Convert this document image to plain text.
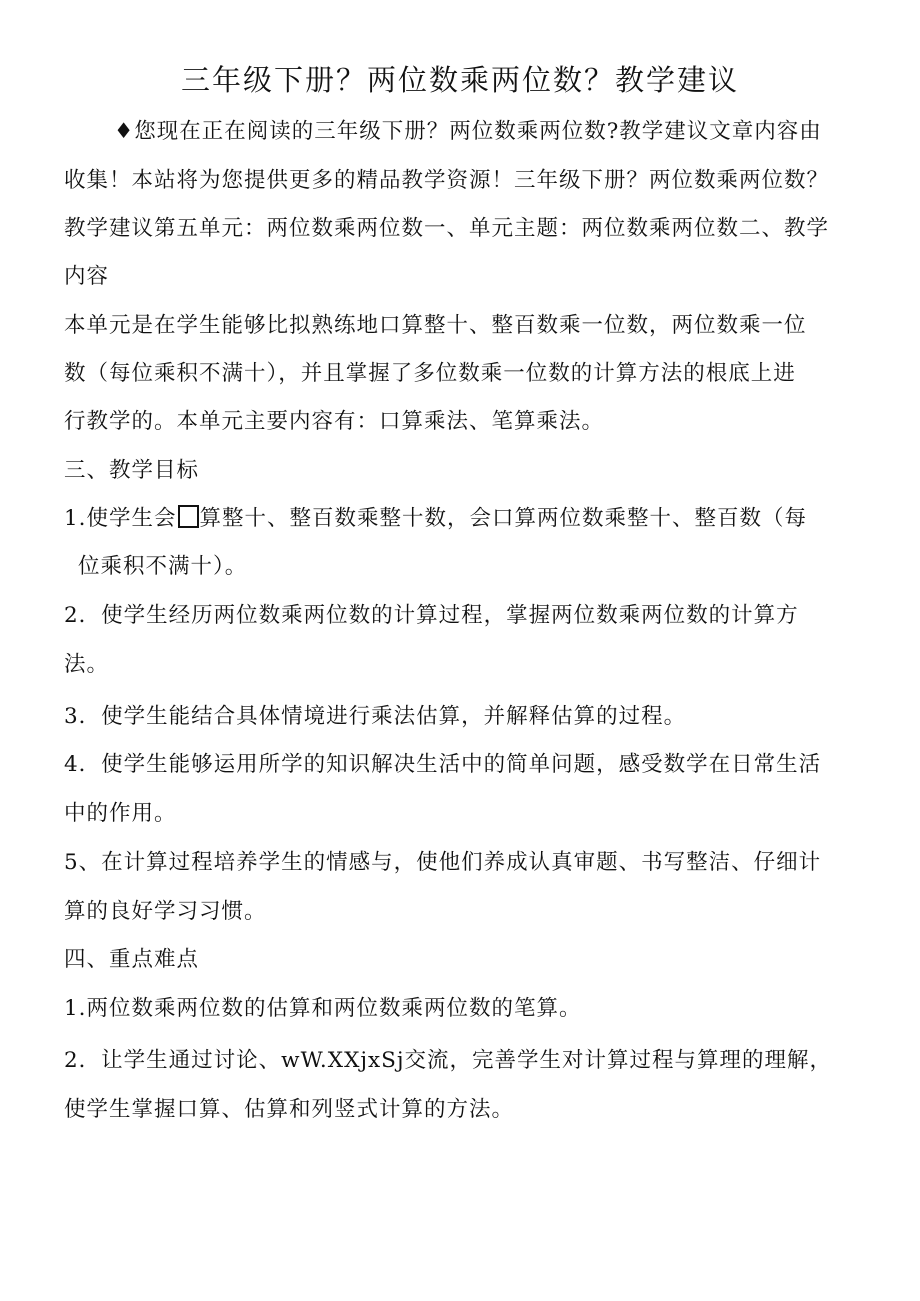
三年级下册？两位数乘两位数？教学建议
♦您现在正在阅读的三年级下册？两位数乘两位数?教学建议文章内容由
收集！本站将为您提供更多的精品教学资源！三年级下册？两位数乘两位数？
教学建议第五单元：两位数乘两位数一、单元主题：两位数乘两位数二、教学
内容
本单元是在学生能够比拟熟练地口算整十、整百数乘一位数，两位数乘一位
数（每位乘积不满十），并且掌握了多位数乘一位数的计算方法的根底上进
行教学的。本单元主要内容有：口算乘法、笔算乘法。
三、教学目标
1.使学生会 算整十、整百数乘整十数，会口算两位数乘整十、整百数（每
位乘积不满十）。
2．使学生经历两位数乘两位数的计算过程，掌握两位数乘两位数的计算方
法。
3．使学生能结合具体情境进行乘法估算，并解释估算的过程。
4．使学生能够运用所学的知识解决生活中的简单问题，感受数学在日常生活
中的作用。
5、在计算过程培养学生的情感与，使他们养成认真审题、书写整洁、仔细计
算的良好学习习惯。
四、重点难点
1.两位数乘两位数的估算和两位数乘两位数的笔算。
2．让学生通过讨论、wW.XXjxSj交流，完善学生对计算过程与算理的理解，
使学生掌握口算、估算和列竖式计算的方法。
